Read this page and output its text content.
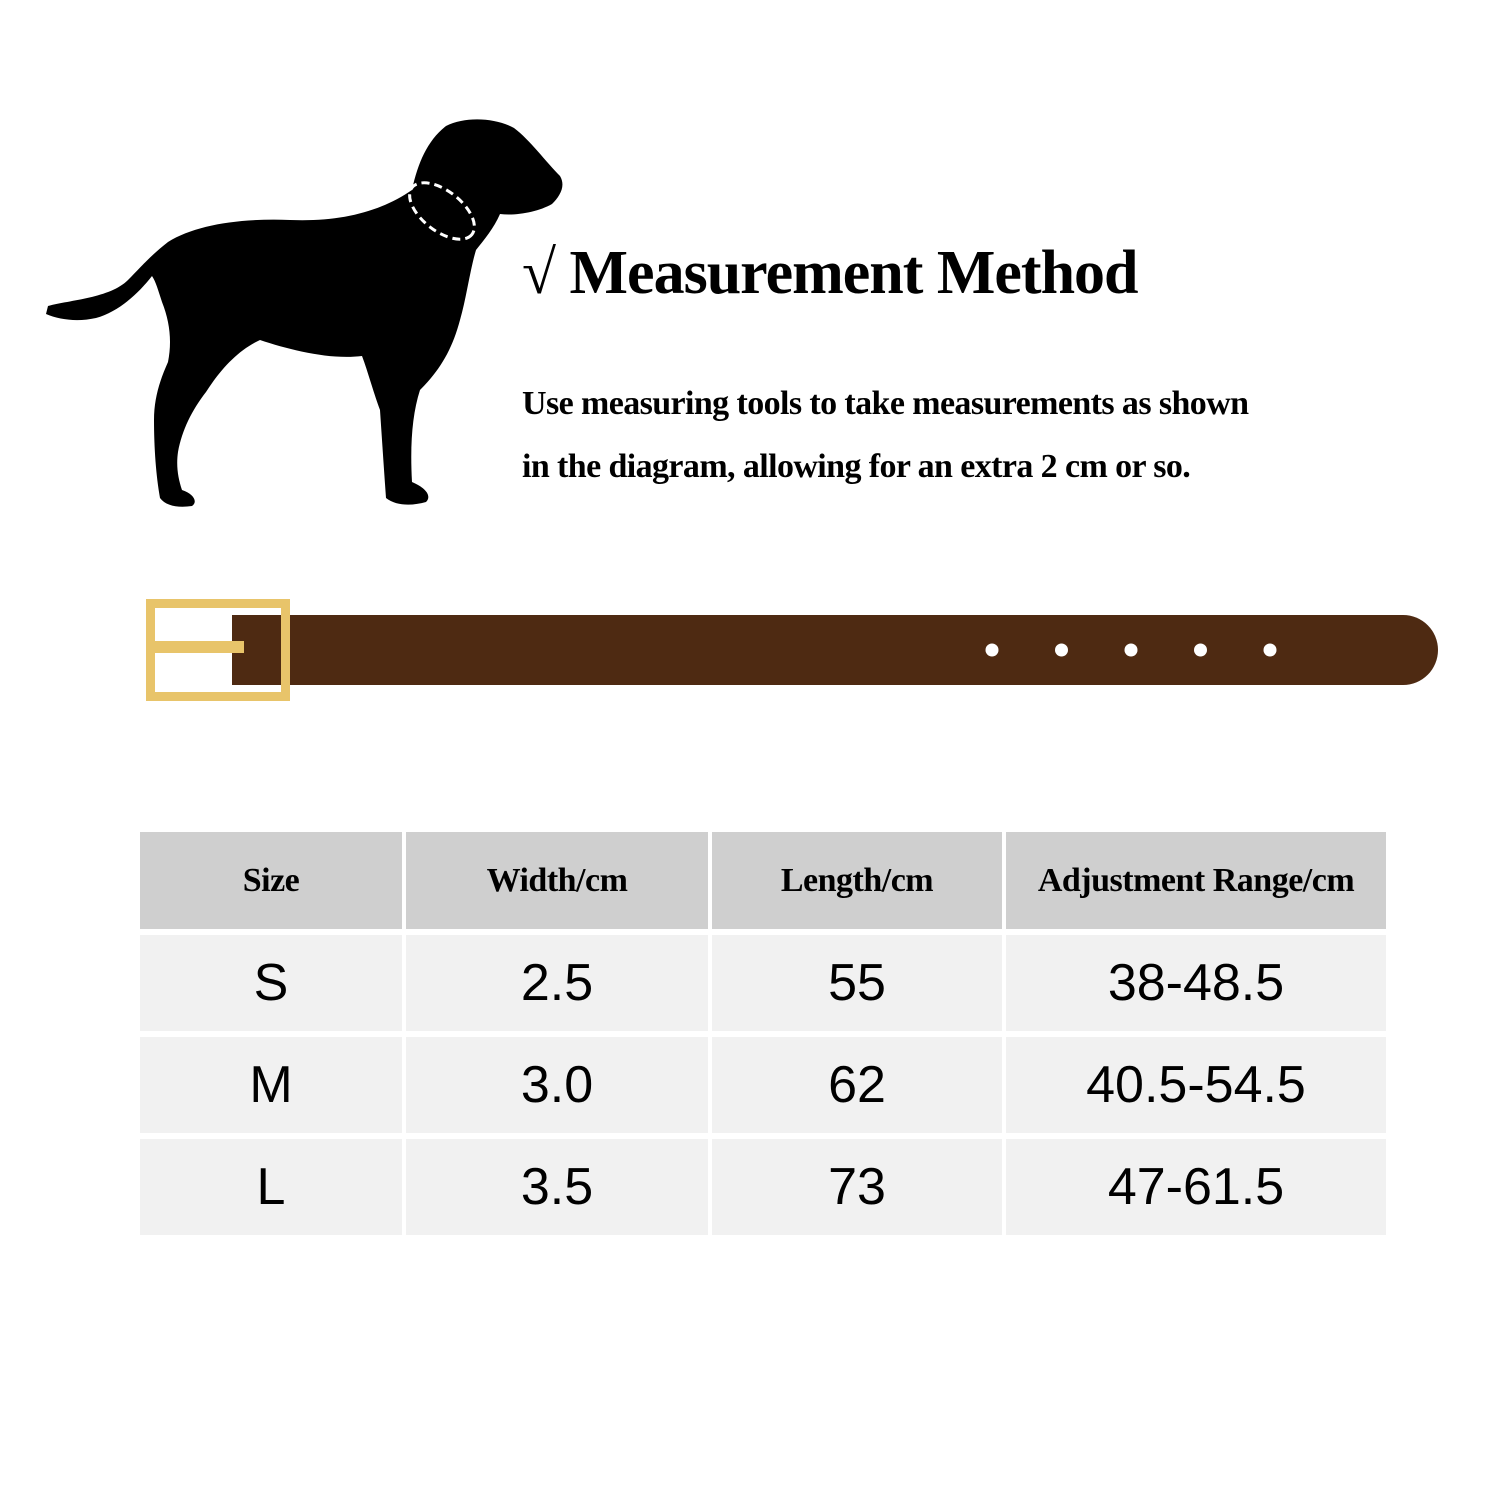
√ Measurement Method
Use measuring tools to take measurements as shown
in the diagram, allowing for an extra 2 cm or so.
Size	Width/cm	Length/cm	Adjustment Range/cm
S	2.5	55	38-48.5
M	3.0	62	40.5-54.5
L	3.5	73	47-61.5
